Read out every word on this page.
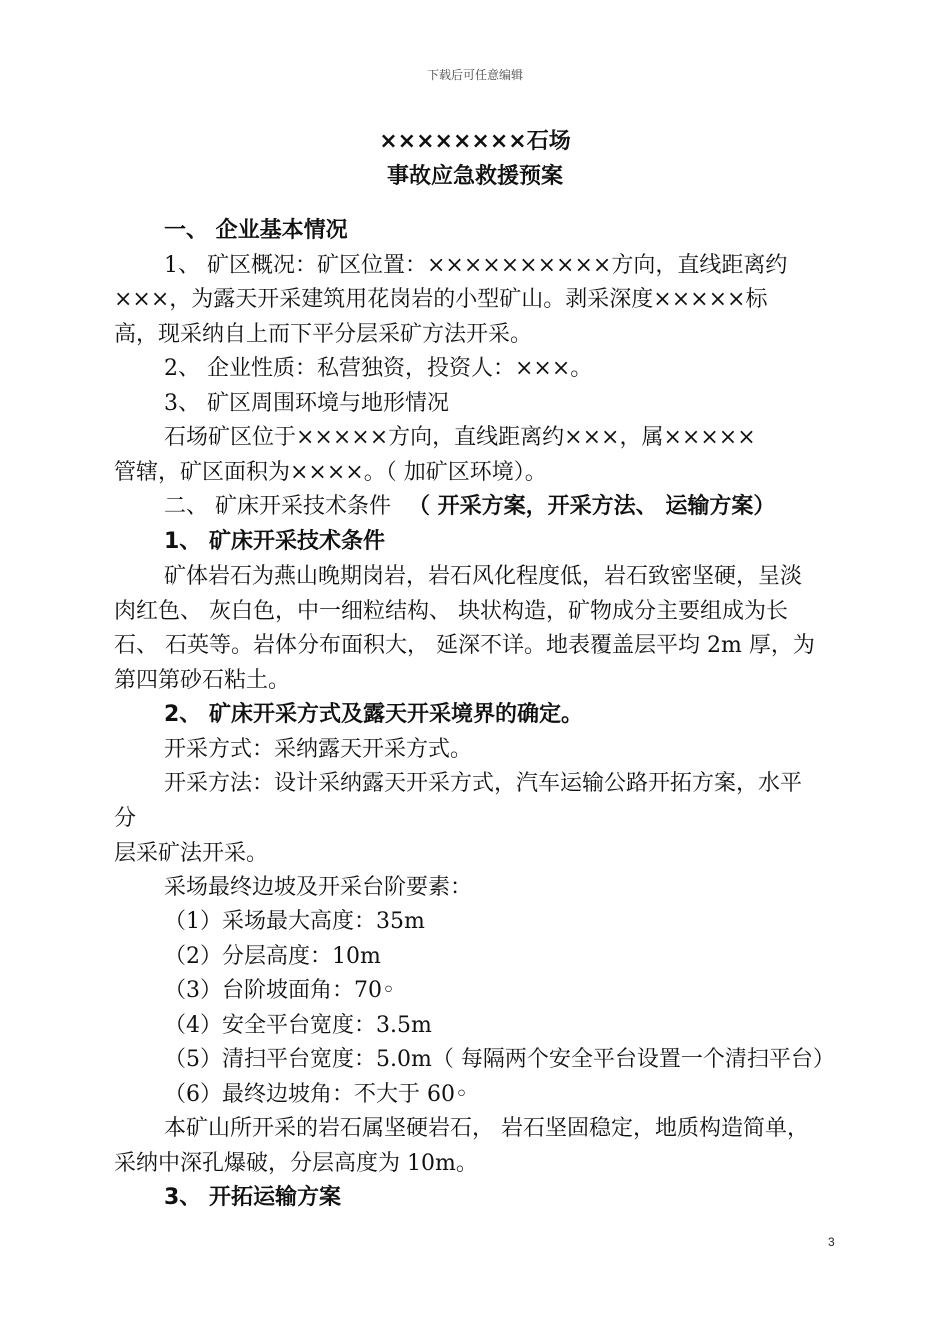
下载后可任意编辑
××××××××石场
事故应急救援预案
一、 企业基本情况
1、 矿区概况：矿区位置：××××××××××方向，直线距离约
×××，为露天开采建筑用花岗岩的小型矿山。剥采深度×××××标
高，现采纳自上而下平分层采矿方法开采。
2、 企业性质：私营独资，投资人：×××。
3、 矿区周围环境与地形情况
石场矿区位于×××××方向，直线距离约×××，属×××××
管辖，矿区面积为××××。（ 加矿区环境）。
二、 矿床开采技术条件 （ 开采方案，开采方法、 运输方案）
1、 矿床开采技术条件
矿体岩石为燕山晚期岗岩，岩石风化程度低，岩石致密坚硬，呈淡
肉红色、 灰白色，中一细粒结构、 块状构造，矿物成分主要组成为长
石、 石英等。岩体分布面积大， 延深不详。地表覆盖层平均 2m 厚，为
第四第砂石粘土。
2、 矿床开采方式及露天开采境界的确定。
开采方式：采纳露天开采方式。
开采方法：设计采纳露天开采方式，汽车运输公路开拓方案，水平
分
层采矿法开采。
采场最终边坡及开采台阶要素：
（1）采场最大高度：35m
（2）分层高度：10m
（3）台阶坡面角：70◦
（4）安全平台宽度：3.5m
（5）清扫平台宽度：5.0m（ 每隔两个安全平台设置一个清扫平台）
（6）最终边坡角：不大于 60◦
本矿山所开采的岩石属坚硬岩石， 岩石坚固稳定，地质构造简单，
采纳中深孔爆破，分层高度为 10m。
3、 开拓运输方案
3
